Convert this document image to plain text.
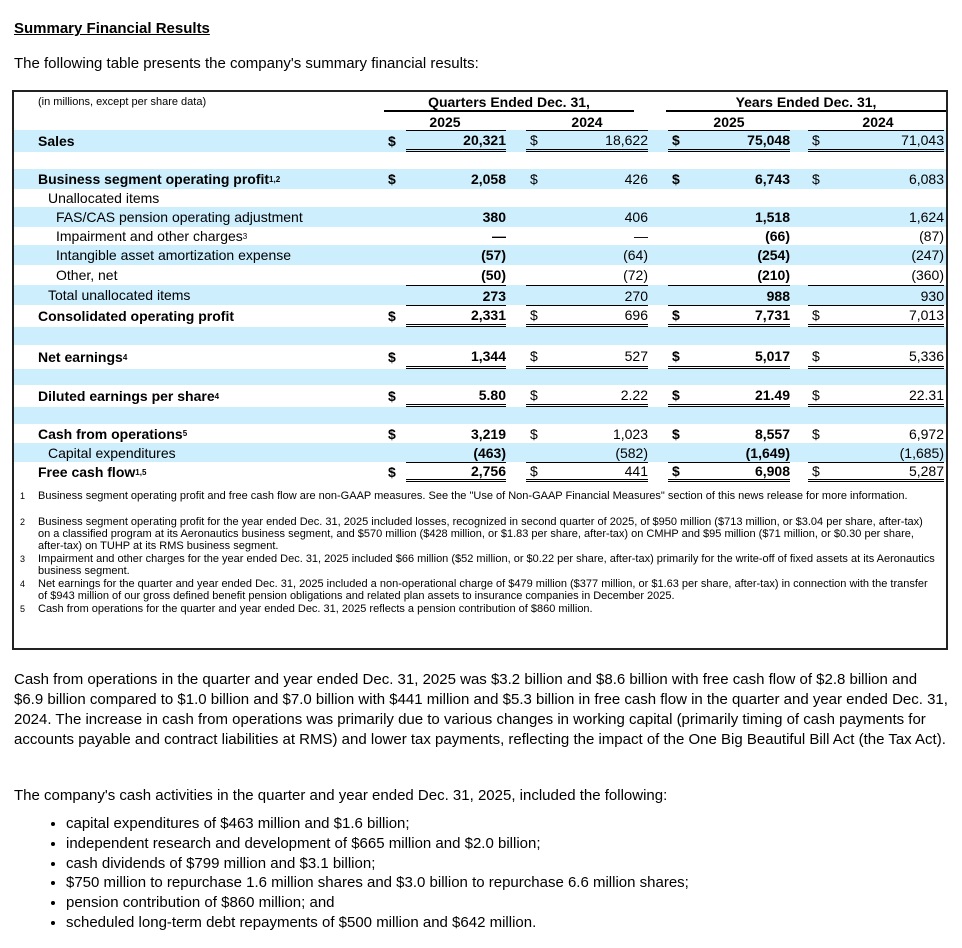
Summary Financial Results
The following table presents the company's summary financial results:
(in millions, except per share data)	Quarters Ended Dec. 31,	Years Ended Dec. 31,
2025	2024	2025	2024
Sales	$	20,321 $	18,622 $	75,048 $	71,043
Business segment operating profit 1,2	$	2,058 $	426 $	6,743 $	6,083
Unallocated items
FAS/CAS pension operating adjustment	380	406	1,518	1,624
Impairment and other charges 3	—	—	(66)	(87)
Intangible asset amortization expense	(57)	(64)	(254)	(247)
Other, net	(50)	(72)	(210)	(360)
Total unallocated items	273	270	988	930
Consolidated operating profit	$	2,331 $	696 $	7,731 $	7,013
Net earnings 4	$	1,344 $	527 $	5,017 $	5,336
Diluted earnings per share 4	$	5.80 $	2.22 $	21.49 $	22.31
Cash from operations 5	$	3,219 $	1,023 $	8,557 $	6,972
Capital expenditures	(463)	(582)	(1,649)	(1,685)
Free cash flow 1,5	$	2,756 $	441 $	6,908 $	5,287
1	Business segment operating profit and free cash flow are non-GAAP measures. See the "Use of Non-GAAP Financial Measures" section of this news release for more information.
2	Business segment operating profit for the year ended Dec. 31, 2025 included losses, recognized in second quarter of 2025, of $950 million ($713 million, or $3.04 per share, after-tax) on a classified program at its Aeronautics business segment, and $570 million ($428 million, or $1.83 per share, after-tax) on CMHP and $95 million ($71 million, or $0.30 per share, after-tax) on TUHP at its RMS business segment.
3	Impairment and other charges for the year ended Dec. 31, 2025 included $66 million ($52 million, or $0.22 per share, after-tax) primarily for the write-off of fixed assets at its Aeronautics business segment.
4	Net earnings for the quarter and year ended Dec. 31, 2025 included a non-operational charge of $479 million ($377 million, or $1.63 per share, after-tax) in connection with the transfer of $943 million of our gross defined benefit pension obligations and related plan assets to insurance companies in December 2025.
5	Cash from operations for the quarter and year ended Dec. 31, 2025 reflects a pension contribution of $860 million.
Cash from operations in the quarter and year ended Dec. 31, 2025 was $3.2 billion and $8.6 billion with free cash flow of $2.8 billion and $6.9 billion compared to $1.0 billion and $7.0 billion with $441 million and $5.3 billion in free cash flow in the quarter and year ended Dec. 31, 2024. The increase in cash from operations was primarily due to various changes in working capital (primarily timing of cash payments for accounts payable and contract liabilities at RMS) and lower tax payments, reflecting the impact of the One Big Beautiful Bill Act (the Tax Act).
The company's cash activities in the quarter and year ended Dec. 31, 2025, included the following:
• capital expenditures of $463 million and $1.6 billion;
• independent research and development of $665 million and $2.0 billion;
• cash dividends of $799 million and $3.1 billion;
• $750 million to repurchase 1.6 million shares and $3.0 billion to repurchase 6.6 million shares;
• pension contribution of $860 million; and
• scheduled long-term debt repayments of $500 million and $642 million.
